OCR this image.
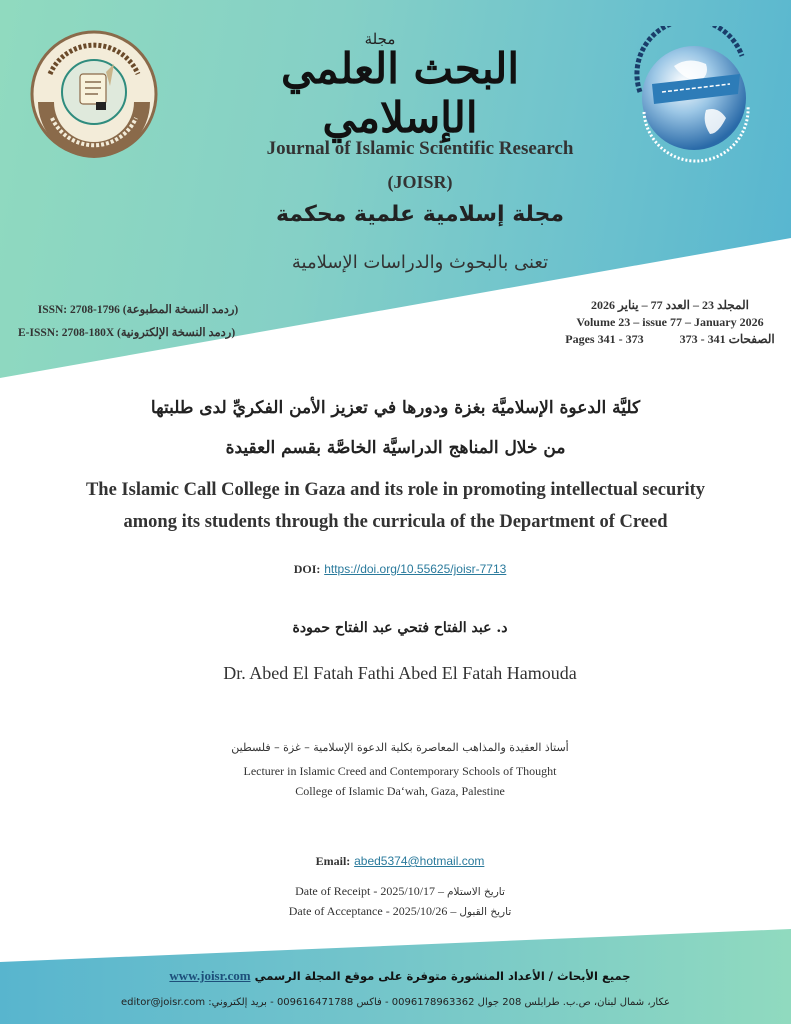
مجلة
البحث العلمي الإسلامي
Journal of Islamic Scientific Research
(JOISR)
مجلة إسلامية علمية محكمة
تعنى بالبحوث والدراسات الإسلامية
ISSN: 2708-1796 (ردمد النسخة المطبوعة)
E-ISSN: 2708-180X (ردمد النسخة الإلكترونية)
المجلد 23 – العدد 77 – يناير 2026
Volume 23 – issue 77 – January 2026
Pages 341 - 373	الصفحات 341 - 373
كليَّة الدعوة الإسلاميَّة بغزة ودورها في تعزيز الأمن الفكريِّ لدى طلبتها
من خلال المناهج الدراسيَّة الخاصَّة بقسم العقيدة
The Islamic Call College in Gaza and its role in promoting intellectual security
among its students through the curricula of the Department of Creed
DOI: https://doi.org/10.55625/joisr-7713
د. عبد الفتاح فتحي عبد الفتاح حمودة
Dr. Abed El Fatah Fathi Abed El Fatah Hamouda
أستاذ العقيدة والمذاهب المعاصرة بكلية الدعوة الإسلامية – غزة – فلسطين
Lecturer in Islamic Creed and Contemporary Schools of Thought
College of Islamic Da‘wah, Gaza, Palestine
Email: abed5374@hotmail.com
Date of Receipt - 2025/10/17 – تاريخ الاستلام
Date of Acceptance - 2025/10/26 – تاريخ القبول
جميع الأبحاث / الأعداد المنشورة متوفرة على موقع المجلة الرسمي www.joisr.com
عكار، شمال لبنان، ص.ب. طرابلس 208 جوال 0096178963362 - فاكس 009616471788 - بريد إلكتروني: editor@joisr.com
